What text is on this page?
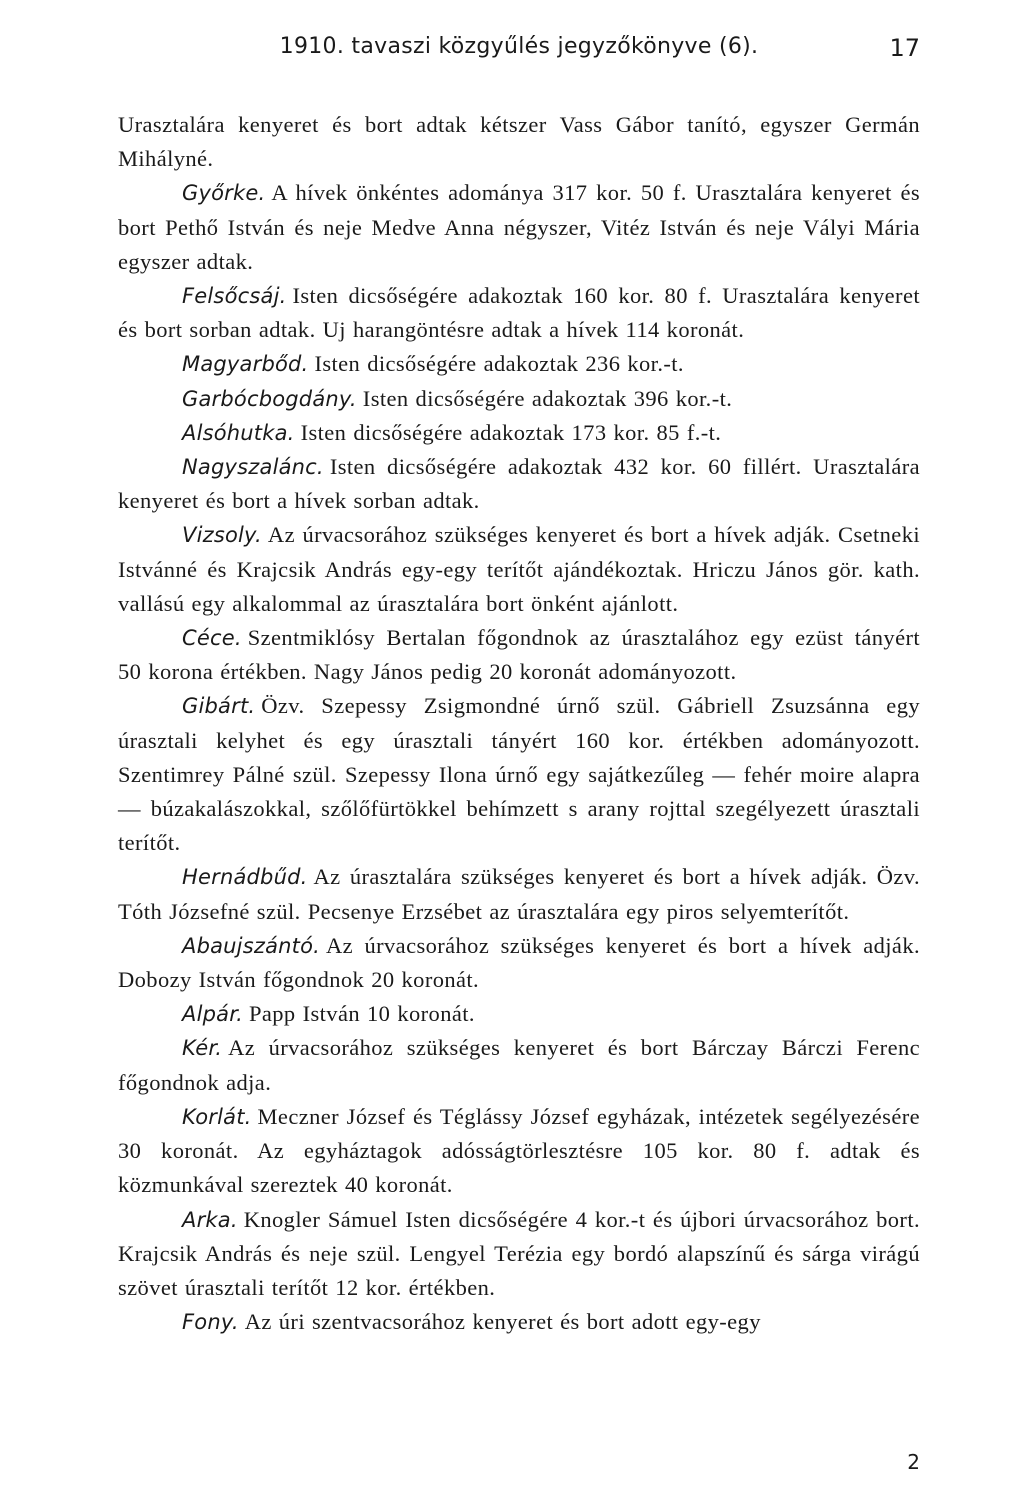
1910. tavaszi közgyűlés jegyzőkönyve (6).	17

Urasztalára kenyeret és bort adtak kétszer Vass Gábor tanító, egyszer Germán Mihályné.

Győrke. A hívek önkéntes adománya 317 kor. 50 f. Urasztalára kenyeret és bort Pethő István és neje Medve Anna négyszer, Vitéz István és neje Vályi Mária egyszer adtak.

Felsőcsáj. Isten dicsőségére adakoztak 160 kor. 80 f. Urasztalára kenyeret és bort sorban adtak. Uj harangöntésre adtak a hívek 114 koronát.

Magyarbőd. Isten dicsőségére adakoztak 236 kor.-t.

Garbócbogdány. Isten dicsőségére adakoztak 396 kor.-t.

Alsóhutka. Isten dicsőségére adakoztak 173 kor. 85 f.-t.

Nagyszalánc. Isten dicsőségére adakoztak 432 kor. 60 fillért. Urasztalára kenyeret és bort a hívek sorban adtak.

Vizsoly. Az úrvacsorához szükséges kenyeret és bort a hívek adják. Csetneki Istvánné és Krajcsik András egy-egy terítőt ajándékoztak. Hriczu János gör. kath. vallású egy alkalommal az úrasztalára bort önként ajánlott.

Céce. Szentmiklósy Bertalan főgondnok az úrasztalához egy ezüst tányért 50 korona értékben. Nagy János pedig 20 koronát adományozott.

Gibárt. Özv. Szepessy Zsigmondné úrnő szül. Gábriell Zsuzsánna egy úrasztali kelyhet és egy úrasztali tányért 160 kor. értékben adományozott. Szentimrey Pálné szül. Szepessy Ilona úrnő egy sajátkezűleg — fehér moire alapra — búzakalászokkal, szőlőfürtökkel behímzett s arany rojttal szegélyezett úrasztali terítőt.

Hernádbűd. Az úrasztalára szükséges kenyeret és bort a hívek adják. Özv. Tóth Józsefné szül. Pecsenye Erzsébet az úrasztalára egy piros selyemterítőt.

Abaujszántó. Az úrvacsorához szükséges kenyeret és bort a hívek adják. Dobozy István főgondnok 20 koronát.

Alpár. Papp István 10 koronát.

Kér. Az úrvacsorához szükséges kenyeret és bort Bárczay Bárczi Ferenc főgondnok adja.

Korlát. Meczner József és Téglássy József egyházak, intézetek segélyezésére 30 koronát. Az egyháztagok adósságtörlesztésre 105 kor. 80 f. adtak és közmunkával szereztek 40 koronát.

Arka. Knogler Sámuel Isten dicsőségére 4 kor.-t és újbori úrvacsorához bort. Krajcsik András és neje szül. Lengyel Terézia egy bordó alapszínű és sárga virágú szövet úrasztali terítőt 12 kor. értékben.

Fony. Az úri szentvacsorához kenyeret és bort adott egy-egy

2
